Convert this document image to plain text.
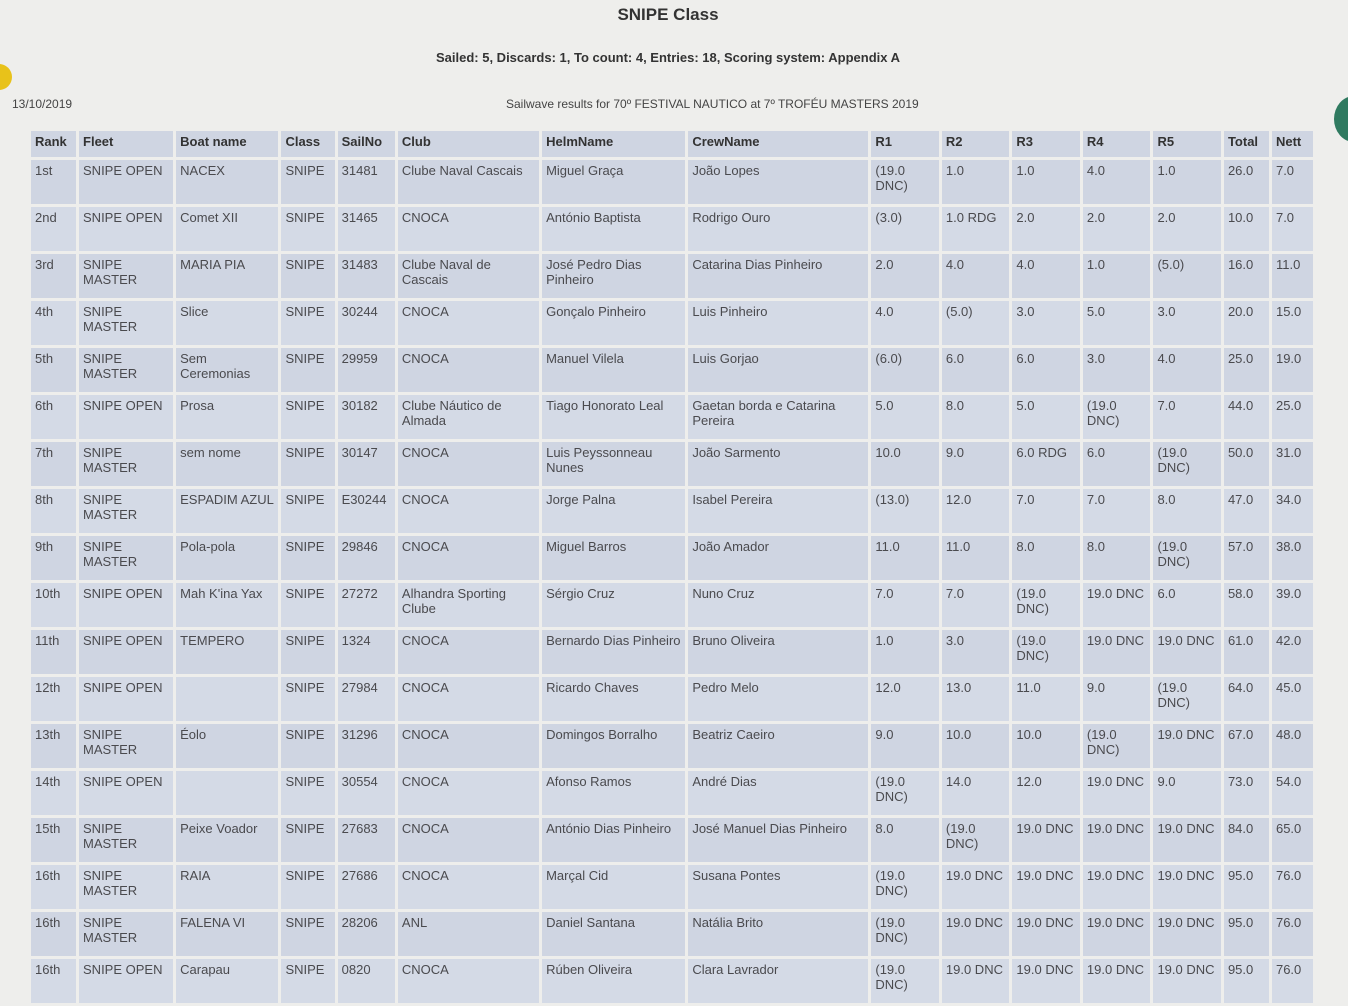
SNIPE Class
Sailed: 5, Discards: 1, To count: 4, Entries: 18, Scoring system: Appendix A
13/10/2019	Sailwave results for 70º FESTIVAL NAUTICO at 7º TROFÉU MASTERS 2019
Rank	Fleet	Boat name	Class	SailNo	Club	HelmName	CrewName	R1	R2	R3	R4	R5	Total	Nett
1st	SNIPE OPEN	NACEX	SNIPE	31481	Clube Naval Cascais	Miguel Graça	João Lopes	(19.0 DNC)	1.0	1.0	4.0	1.0	26.0	7.0
2nd	SNIPE OPEN	Comet XII	SNIPE	31465	CNOCA	António Baptista	Rodrigo Ouro	(3.0)	1.0 RDG	2.0	2.0	2.0	10.0	7.0
3rd	SNIPE MASTER	MARIA PIA	SNIPE	31483	Clube Naval de Cascais	José Pedro Dias Pinheiro	Catarina Dias Pinheiro	2.0	4.0	4.0	1.0	(5.0)	16.0	11.0
4th	SNIPE MASTER	Slice	SNIPE	30244	CNOCA	Gonçalo Pinheiro	Luis Pinheiro	4.0	(5.0)	3.0	5.0	3.0	20.0	15.0
5th	SNIPE MASTER	Sem Ceremonias	SNIPE	29959	CNOCA	Manuel Vilela	Luis Gorjao	(6.0)	6.0	6.0	3.0	4.0	25.0	19.0
6th	SNIPE OPEN	Prosa	SNIPE	30182	Clube Náutico de Almada	Tiago Honorato Leal	Gaetan borda e Catarina Pereira	5.0	8.0	5.0	(19.0 DNC)	7.0	44.0	25.0
7th	SNIPE MASTER	sem nome	SNIPE	30147	CNOCA	Luis Peyssonneau Nunes	João Sarmento	10.0	9.0	6.0 RDG	6.0	(19.0 DNC)	50.0	31.0
8th	SNIPE MASTER	ESPADIM AZUL	SNIPE	E30244	CNOCA	Jorge Palna	Isabel Pereira	(13.0)	12.0	7.0	7.0	8.0	47.0	34.0
9th	SNIPE MASTER	Pola-pola	SNIPE	29846	CNOCA	Miguel Barros	João Amador	11.0	11.0	8.0	8.0	(19.0 DNC)	57.0	38.0
10th	SNIPE OPEN	Mah K'ina Yax	SNIPE	27272	Alhandra Sporting Clube	Sérgio Cruz	Nuno Cruz	7.0	7.0	(19.0 DNC)	19.0 DNC	6.0	58.0	39.0
11th	SNIPE OPEN	TEMPERO	SNIPE	1324	CNOCA	Bernardo Dias Pinheiro	Bruno Oliveira	1.0	3.0	(19.0 DNC)	19.0 DNC	19.0 DNC	61.0	42.0
12th	SNIPE OPEN		SNIPE	27984	CNOCA	Ricardo Chaves	Pedro Melo	12.0	13.0	11.0	9.0	(19.0 DNC)	64.0	45.0
13th	SNIPE MASTER	Éolo	SNIPE	31296	CNOCA	Domingos Borralho	Beatriz Caeiro	9.0	10.0	10.0	(19.0 DNC)	19.0 DNC	67.0	48.0
14th	SNIPE OPEN		SNIPE	30554	CNOCA	Afonso Ramos	André Dias	(19.0 DNC)	14.0	12.0	19.0 DNC	9.0	73.0	54.0
15th	SNIPE MASTER	Peixe Voador	SNIPE	27683	CNOCA	António Dias Pinheiro	José Manuel Dias Pinheiro	8.0	(19.0 DNC)	19.0 DNC	19.0 DNC	19.0 DNC	84.0	65.0
16th	SNIPE MASTER	RAIA	SNIPE	27686	CNOCA	Marçal Cid	Susana Pontes	(19.0 DNC)	19.0 DNC	19.0 DNC	19.0 DNC	19.0 DNC	95.0	76.0
16th	SNIPE MASTER	FALENA VI	SNIPE	28206	ANL	Daniel Santana	Natália Brito	(19.0 DNC)	19.0 DNC	19.0 DNC	19.0 DNC	19.0 DNC	95.0	76.0
16th	SNIPE OPEN	Carapau	SNIPE	0820	CNOCA	Rúben Oliveira	Clara Lavrador	(19.0 DNC)	19.0 DNC	19.0 DNC	19.0 DNC	19.0 DNC	95.0	76.0
